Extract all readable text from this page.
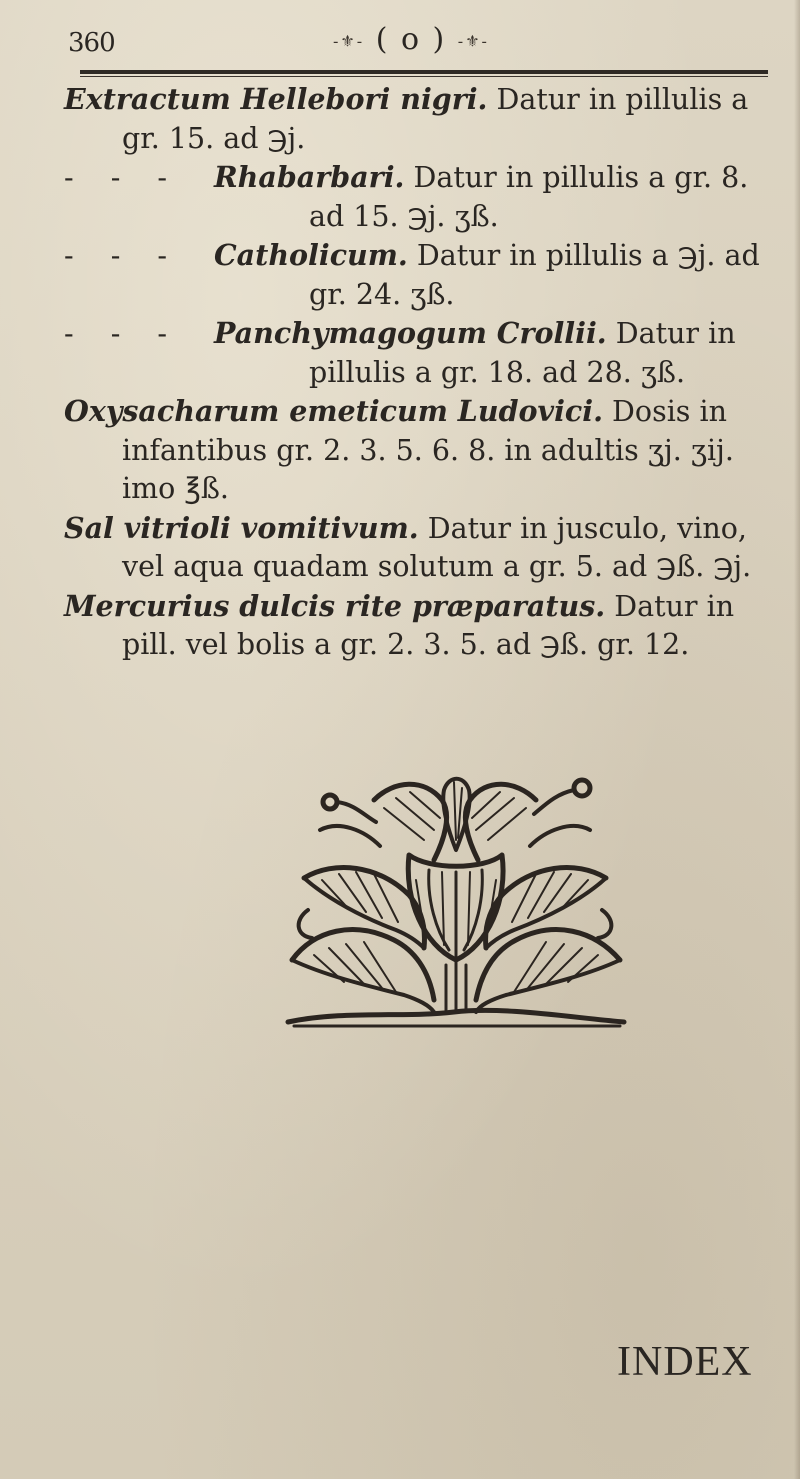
360	-⚜- ( o ) -⚜-

Extractum Hellebori nigri. Datur in pillulis a gr. 15. ad ℈j.

- - - Rhabarbari. Datur in pillulis a gr. 8. ad 15. ℈j. ʒß.

- - - Catholicum. Datur in pillulis a ℈j. ad gr. 24. ʒß.

- - - Panchymagogum Crollii. Datur in pillulis a gr. 18. ad 28. ʒß.

Oxysacharum emeticum Ludovici. Dosis in infantibus gr. 2. 3. 5. 6. 8. in adultis ʒj. ʒij. imo ℥ß.

Sal vitrioli vomitivum. Datur in jusculo, vino, vel aqua quadam solutum a gr. 5. ad ℈ß. ℈j.

Mercurius dulcis rite præparatus. Datur in pill. vel bolis a gr. 2. 3. 5. ad ℈ß. gr. 12.

INDEX
